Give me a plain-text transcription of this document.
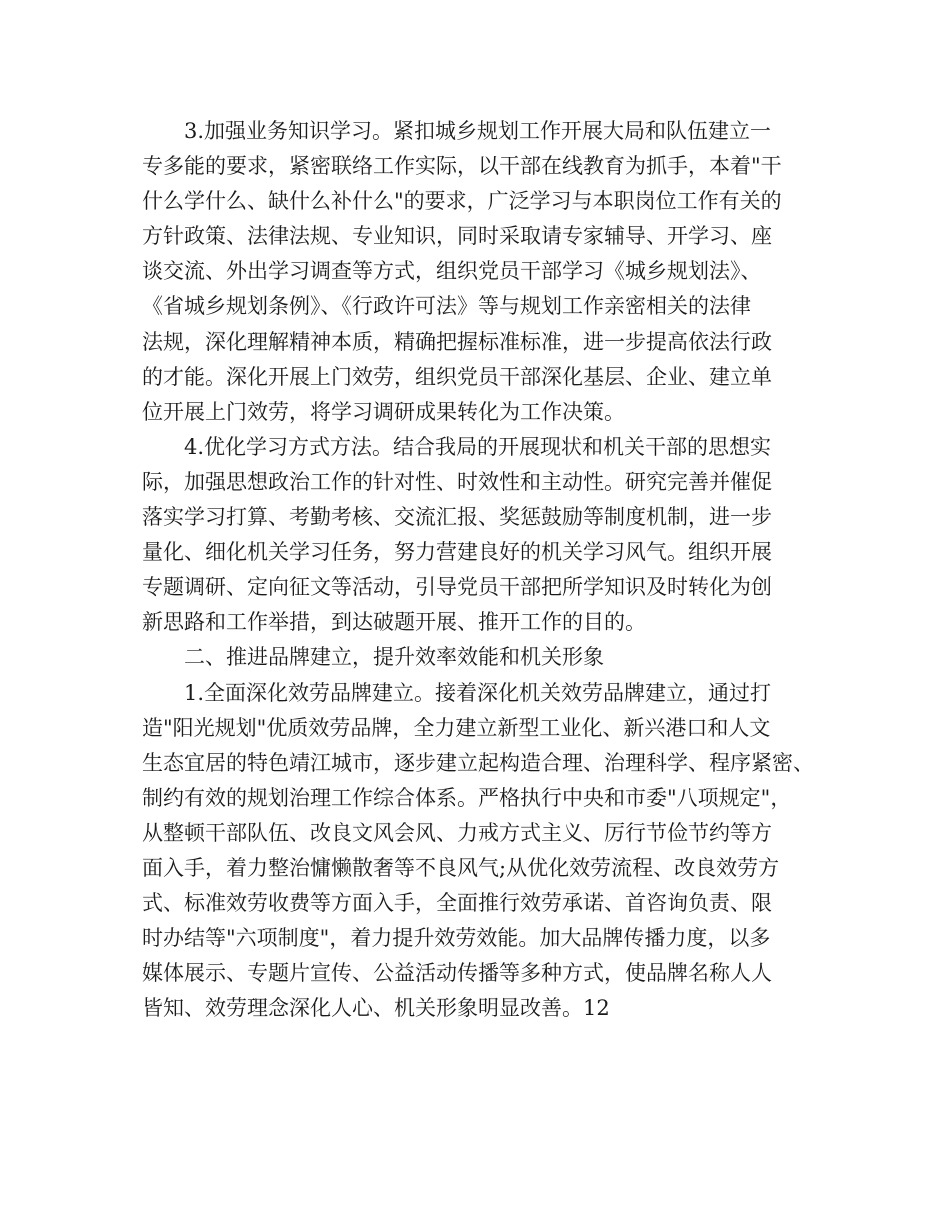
3.加强业务知识学习。紧扣城乡规划工作开展大局和队伍建立一
专多能的要求，紧密联络工作实际，以干部在线教育为抓手，本着"干
什么学什么、缺什么补什么"的要求，广泛学习与本职岗位工作有关的
方针政策、法律法规、专业知识，同时采取请专家辅导、开学习、座
谈交流、外出学习调查等方式，组织党员干部学习《城乡规划法》、
《省城乡规划条例》、《行政许可法》等与规划工作亲密相关的法律
法规，深化理解精神本质，精确把握标准标准，进一步提高依法行政
的才能。深化开展上门效劳，组织党员干部深化基层、企业、建立单
位开展上门效劳，将学习调研成果转化为工作决策。
4.优化学习方式方法。结合我局的开展现状和机关干部的思想实
际，加强思想政治工作的针对性、时效性和主动性。研究完善并催促
落实学习打算、考勤考核、交流汇报、奖惩鼓励等制度机制，进一步
量化、细化机关学习任务，努力营建良好的机关学习风气。组织开展
专题调研、定向征文等活动，引导党员干部把所学知识及时转化为创
新思路和工作举措，到达破题开展、推开工作的目的。
二、推进品牌建立，提升效率效能和机关形象
1.全面深化效劳品牌建立。接着深化机关效劳品牌建立，通过打
造"阳光规划"优质效劳品牌，全力建立新型工业化、新兴港口和人文
生态宜居的特色靖江城市，逐步建立起构造合理、治理科学、程序紧密、
制约有效的规划治理工作综合体系。严格执行中央和市委"八项规定"，
从整顿干部队伍、改良文风会风、力戒方式主义、厉行节俭节约等方
面入手，着力整治慵懒散奢等不良风气;从优化效劳流程、改良效劳方
式、标准效劳收费等方面入手，全面推行效劳承诺、首咨询负责、限
时办结等"六项制度"，着力提升效劳效能。加大品牌传播力度，以多
媒体展示、专题片宣传、公益活动传播等多种方式，使品牌名称人人
皆知、效劳理念深化人心、机关形象明显改善。12
